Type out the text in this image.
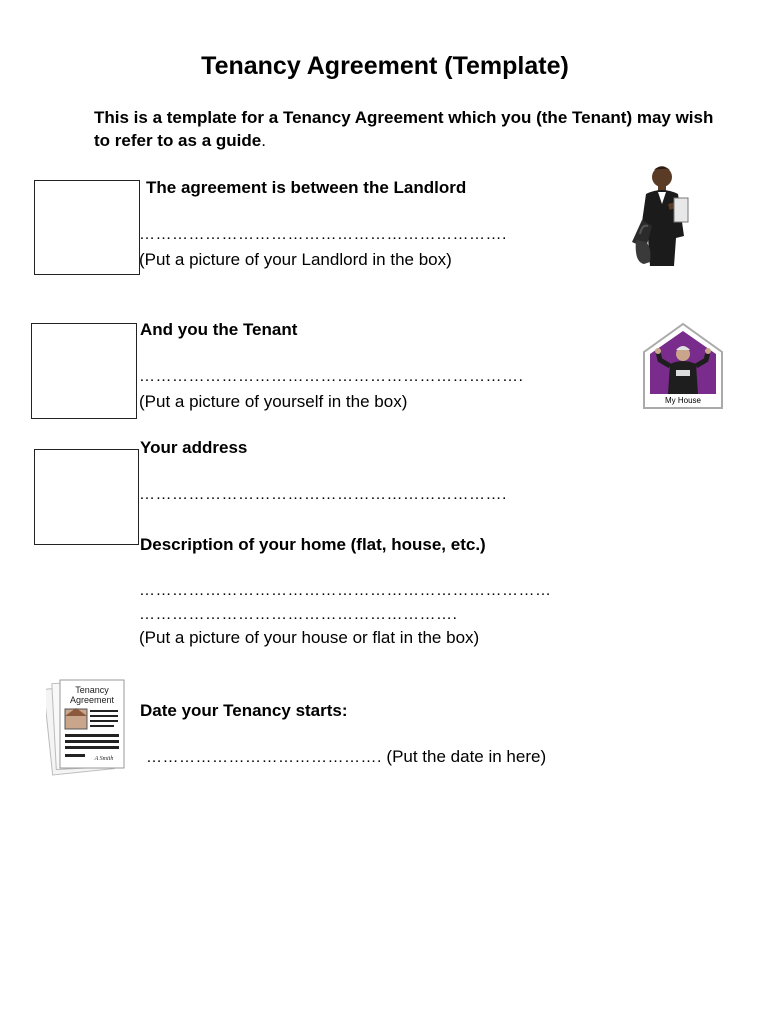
Tenancy Agreement (Template)
This is a template for a Tenancy Agreement which you (the Tenant) may wish to refer to as a guide.
The agreement is between the Landlord
………………………………………………………….
(Put a picture of your Landlord in the box)
And you the Tenant
…………………………………………………………….
(Put a picture of yourself in the box)	My House
Your address
………………………………………………………….
Description of your home (flat, house, etc.)
…………………………………………………………………
………………………………………………….
(Put a picture of your house or flat in the box)
Tenancy
Agreement
A Smith
Date your Tenancy starts:
……………………………………. (Put the date in here)
